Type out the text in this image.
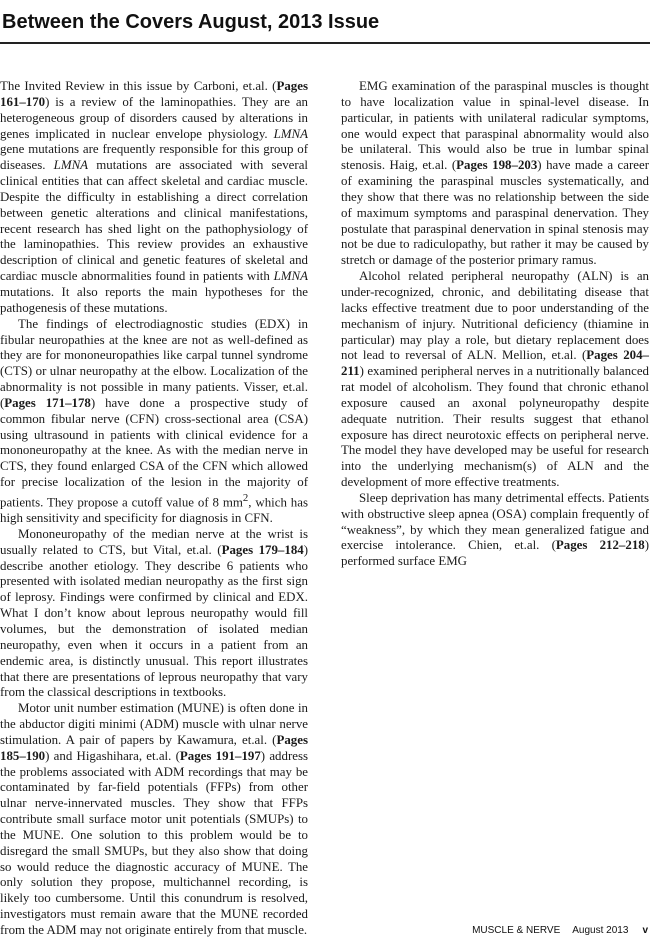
Between the Covers August, 2013 Issue

The Invited Review in this issue by Carboni, et.al. (Pages 161–170) is a review of the laminopathies. They are an heterogeneous group of disorders caused by alterations in genes implicated in nuclear envelope physiology. LMNA gene mutations are frequently responsible for this group of diseases. LMNA mutations are associated with several clinical entities that can affect skeletal and cardiac muscle. Despite the difficulty in establishing a direct correlation between genetic alterations and clinical manifestations, recent research has shed light on the pathophysiology of the laminopathies. This review provides an exhaustive description of clinical and genetic features of skeletal and cardiac muscle abnormalities found in patients with LMNA mutations. It also reports the main hypotheses for the pathogenesis of these mutations.

The findings of electrodiagnostic studies (EDX) in fibular neuropathies at the knee are not as well-defined as they are for mononeuropathies like carpal tunnel syndrome (CTS) or ulnar neuropathy at the elbow. Localization of the abnormality is not possible in many patients. Visser, et.al. (Pages 171–178) have done a prospective study of common fibular nerve (CFN) cross-sectional area (CSA) using ultrasound in patients with clinical evidence for a mononeuropathy at the knee. As with the median nerve in CTS, they found enlarged CSA of the CFN which allowed for precise localization of the lesion in the majority of patients. They propose a cutoff value of 8 $mm^2$, which has high sensitivity and specificity for diagnosis in CFN.

Mononeuropathy of the median nerve at the wrist is usually related to CTS, but Vital, et.al. (Pages 179–184) describe another etiology. They describe 6 patients who presented with isolated median neuropathy as the first sign of leprosy. Findings were confirmed by clinical and EDX. What I don’t know about leprous neuropathy would fill volumes, but the demonstration of isolated median neuropathy, even when it occurs in a patient from an endemic area, is distinctly unusual. This report illustrates that there are presentations of leprous neuropathy that vary from the classical descriptions in textbooks.

Motor unit number estimation (MUNE) is often done in the abductor digiti minimi (ADM) muscle with ulnar nerve stimulation. A pair of papers by Kawamura, et.al. (Pages 185–190) and Higashihara, et.al. (Pages 191–197) address the problems associated with ADM recordings that may be contaminated by far-field potentials (FFPs) from other ulnar nerve-innervated muscles. They show that FFPs contribute small surface motor unit potentials (SMUPs) to the MUNE. One solution to this problem would be to disregard the small SMUPs, but they also show that doing so would reduce the diagnostic accuracy of MUNE. The only solution they propose, multichannel recording, is likely too cumbersome. Until this conundrum is resolved, investigators must remain aware that the MUNE recorded from the ADM may not originate entirely from that muscle.

EMG examination of the paraspinal muscles is thought to have localization value in spinal-level disease. In particular, in patients with unilateral radicular symptoms, one would expect that paraspinal abnormality would also be unilateral. This would also be true in lumbar spinal stenosis. Haig, et.al. (Pages 198–203) have made a career of examining the paraspinal muscles systematically, and they show that there was no relationship between the side of maximum symptoms and paraspinal denervation. They postulate that paraspinal denervation in spinal stenosis may not be due to radiculopathy, but rather it may be caused by stretch or damage of the posterior primary ramus.

Alcohol related peripheral neuropathy (ALN) is an under-recognized, chronic, and debilitating disease that lacks effective treatment due to poor understanding of the mechanism of injury. Nutritional deficiency (thiamine in particular) may play a role, but dietary replacement does not lead to reversal of ALN. Mellion, et.al. (Pages 204–211) examined peripheral nerves in a nutritionally balanced rat model of alcoholism. They found that chronic ethanol exposure caused an axonal polyneuropathy despite adequate nutrition. Their results suggest that ethanol exposure has direct neurotoxic effects on peripheral nerve. The model they have developed may be useful for research into the underlying mechanism(s) of ALN and the development of more effective treatments.

Sleep deprivation has many detrimental effects. Patients with obstructive sleep apnea (OSA) complain frequently of “weakness”, by which they mean generalized fatigue and exercise intolerance. Chien, et.al. (Pages 212–218) performed surface EMG

MUSCLE & NERVE August 2013 v
